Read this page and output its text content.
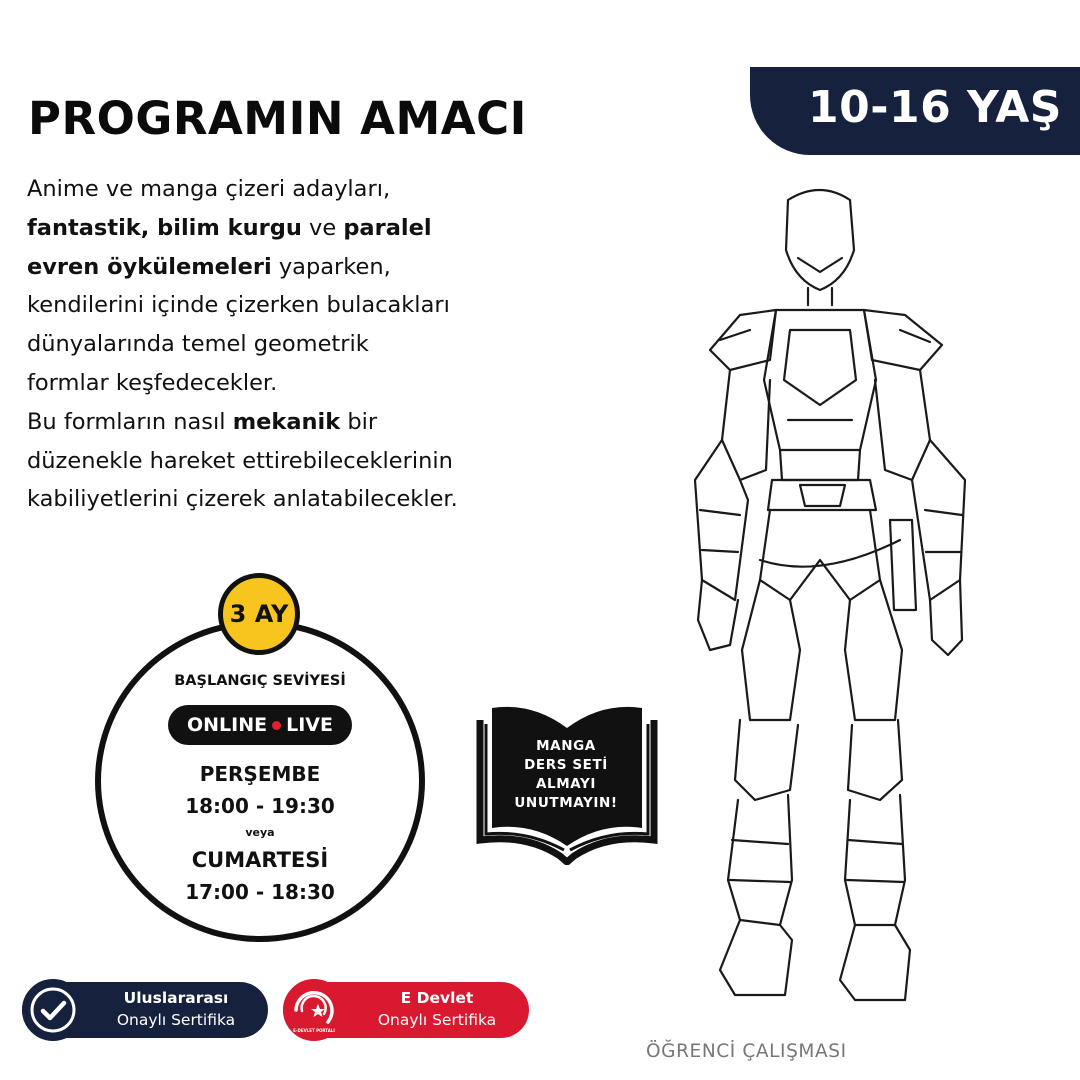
PROGRAMIN AMACI
Anime ve manga çizeri adayları,
fantastik, bilim kurgu ve paralel
evren öykülemeleri yaparken,
kendilerini içinde çizerken bulacakları
dünyalarında temel geometrik
formlar keşfedecekler.
Bu formların nasıl mekanik bir
düzenekle hareket ettirebileceklerinin
kabiliyetlerini çizerek anlatabilecekler.
10-16 YAŞ
ÖĞRENCİ ÇALIŞMASI
3 AY
BAŞLANGIÇ SEVİYESİ
ONLINE LIVE
PERŞEMBE
18:00 - 19:30
veya
CUMARTESİ
17:00 - 18:30
MANGA
DERS SETİ
ALMAYI
UNUTMAYIN!
Uluslararası
Onaylı Sertifika
E-DEVLET PORTALI
E Devlet
Onaylı Sertifika
